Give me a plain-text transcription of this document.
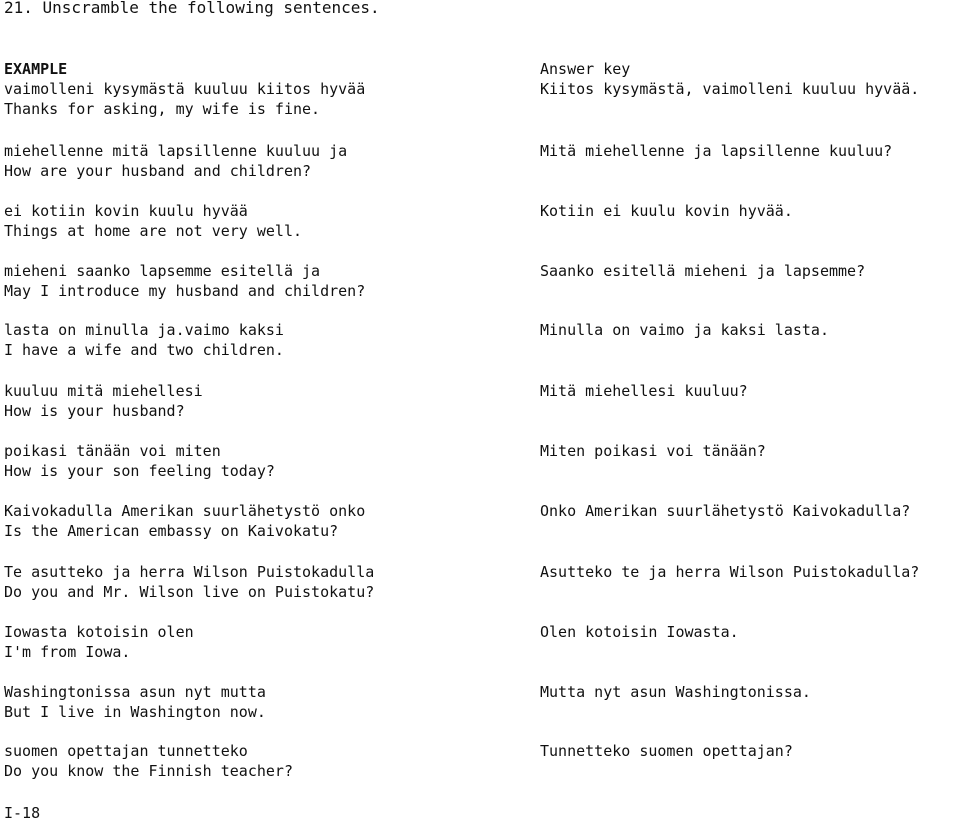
21. Unscramble the following sentences.
EXAMPLE
vaimolleni kysymästä kuuluu kiitos hyvää
Thanks for asking, my wife is fine.
Answer key
Kiitos kysymästä, vaimolleni kuuluu hyvää.
miehellenne mitä lapsillenne kuuluu ja
How are your husband and children?
Mitä miehellenne ja lapsillenne kuuluu?
ei kotiin kovin kuulu hyvää
Things at home are not very well.
Kotiin ei kuulu kovin hyvää.
mieheni saanko lapsemme esitellä ja
May I introduce my husband and children?
Saanko esitellä mieheni ja lapsemme?
lasta on minulla ja.vaimo kaksi
I have a wife and two children.
Minulla on vaimo ja kaksi lasta.
kuuluu mitä miehellesi
How is your husband?
Mitä miehellesi kuuluu?
poikasi tänään voi miten
How is your son feeling today?
Miten poikasi voi tänään?
Kaivokadulla Amerikan suurlähetystö onko
Is the American embassy on Kaivokatu?
Onko Amerikan suurlähetystö Kaivokadulla?
Te asutteko ja herra Wilson Puistokadulla
Do you and Mr. Wilson live on Puistokatu?
Asutteko te ja herra Wilson Puistokadulla?
Iowasta kotoisin olen
I'm from Iowa.
Olen kotoisin Iowasta.
Washingtonissa asun nyt mutta
But I live in Washington now.
Mutta nyt asun Washingtonissa.
suomen opettajan tunnetteko
Do you know the Finnish teacher?
Tunnetteko suomen opettajan?
I-18
